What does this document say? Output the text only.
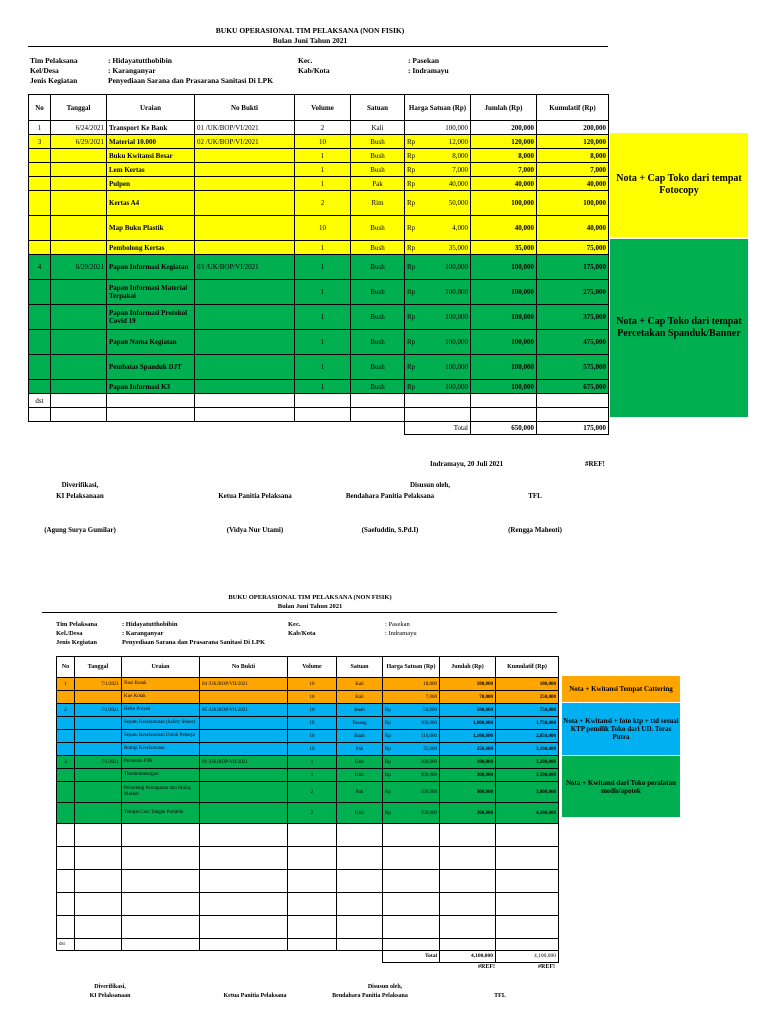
BUKU OPERASIONAL TIM PELAKSANA (NON FISIK)
Bulan Juni Tahun 2021
Tim Pelaksana	: Hidayatutthobibin	Kec.	: Pasekan
Kel/Desa	: Karanganyar	Kab/Kota	: Indramayu
Jenis Kegiatan	Penyediaan Sarana dan Prasarana Sanitasi Di LPK
No	Tanggal	Uraian	No Bukti	Volume	Satuan	Harga Satuan (Rp)	Jumlah (Rp)	Kumulatif (Rp)
1	6/24/2021	Transport Ke Bank	01 /UK/BOP/VI/2021	2	Kali	100,000	200,000	200,000
3	6/29/2021	Material 10.000	02 /UK/BOP/VI/2021	10	Bush	Rp 12,000	120,000	120,000
		Buku Kwitansi Besar		1	Bush	Rp 8,000	8,000	8,000
		Lem Kertas		1	Bush	Rp 7,000	7,000	7,000
		Pulpen		1	Pak	Rp 40,000	40,000	40,000
		Kertas A4		2	Rim	Rp 50,000	100,000	100,000
		Map Buku Plastik		10	Bush	Rp 4,000	40,000	40,000
		Pembolong Kertas		1	Bush	Rp 35,000	35,000	75,000
4	6/29/2021	Papan Informasi Kegiatan	03 /UK/BOP/VI/2021	1	Bush	Rp 100,000	100,000	175,000
		Papan Informasi Material Terpakai		1	Bush	Rp 100,000	100,000	275,000
		Papan Informasi Protokol Covid 19		1	Bush	Rp 100,000	100,000	375,000
		Papan Nama Kegiatan		1	Bush	Rp 100,000	100,000	475,000
		Pembatas Spanduk DJT		1	Bush	Rp 100,000	100,000	575,000
		Papan Informasi K3		1	Bush	Rp 100,000	100,000	675,000
dst						

						Total	650,000	175,000
Nota + Cap Toko dari tempat Fotocopy
Nota + Cap Toko dari tempat Percetakan Spanduk/Banner
Indramayu, 20 Juli 2021	#REF!
Diverifikasi,	Disusun oleh,
KI Pelaksanaan	Ketua Panitia Pelaksana	Bendahara Panitia Pelaksana	TFL
(Agung Surya Gumilar)	(Vidya Nur Utami)	(Saefuddin, S.Pd.I)	(Rengga Maheoti)
BUKU OPERASIONAL TIM PELAKSANA (NON FISIK)
Bulan Juni Tahun 2021
Tim Pelaksana	: Hidayatutthobibin	Kec.	: Pasekan
Kel./Desa	: Karanganyar	Kab/Kota	: Indramayu
Jenis Kegiatan	Penyediaan Sarana dan Prasarana Sanitasi Di LPK
No	Tanggal	Uraian	No Bukti	Volume	Satuan	Harga Satuan (Rp)	Jumlah (Rp)	Kumulatif (Rp)
1	7/1/2021	Nasi Kotak	04 /UK/BOP/VII/2021	10	Kali	18,000	180,000	180,000
		Kue Kotak		10	Kali	7,000	70,000	250,000
2	7/1/2021	Helm Proyek	05 /UK/BOP/VII/2021	10	Buah	Rp 50,000	500,000	750,000
		Sepatu Keselamatan (Safety Shoes)		10	Pasang	Rp 100,000	1,000,000	1,750,000
		Sepatu Keselamatan Untuk Pekerja		10	Buah	Rp 110,000	1,100,000	2,850,000
		Rompi Keselamatan		10	Pak	Rp 25,000	250,000	3,100,000
3	7/1/2021	Peralatan P3K	06 /UK/BOP/VII/2021	1	Unit	Rp 100,000	100,000	3,200,000
		Thermometergun		1	Unit	Rp 300,000	300,000	3,500,000
		Pelindung Pernapasan dan Mulut, Masker		2	Pak	Rp 150,000	300,000	3,800,000
		Tempat Cuci Tangan Portable		2	Unit	Rp 150,000	300,000	4,100,000

dst								
						Total	4,100,000	4,100,000
Nota + Kwitansi Tempat Cattering
Nota + Kwitansi + foto ktp + ttd sesuai KTP pemilik Toko dari UD. Teras Putra
Nota + Kwitansi dari Toko peralatan medis/apotek
#REF!	#REF!
Diverifikasi,	Disusun oleh,
KI Pelaksanaan	Ketua Panitia Pelaksana	Bendahara Panitia Pelaksana	TFL
